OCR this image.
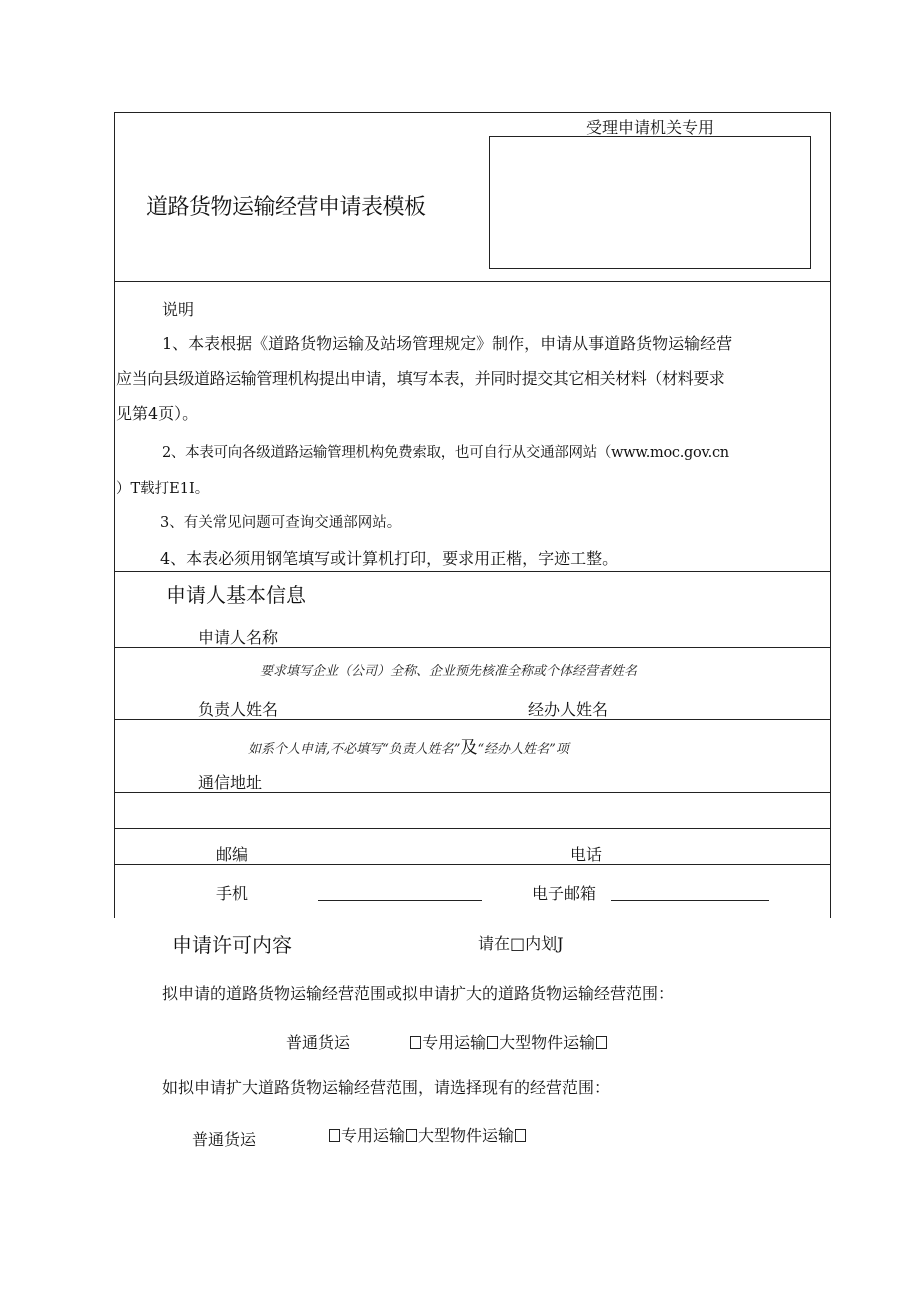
道路货物运输经营申请表模板
受理申请机关专用
说明
1、本表根据《道路货物运输及站场管理规定》制作，申请从事道路货物运输经营
应当向县级道路运输管理机构提出申请，填写本表，并同时提交其它相关材料（材料要求
见第4页）。
2、本表可向各级道路运输管理机构免费索取，也可自行从交通部网站（www.moc.gov.cn
）T载打E1I。
3、有关常见问题可查询交通部网站。
4、本表必须用钢笔填写或计算机打印，要求用正楷，字迹工整。
申请人基本信息
申请人名称
要求填写企业（公司）全称、企业预先核准全称或个体经营者姓名
负责人姓名	经办人姓名
如系个人申请,不必填写“负责人姓名”及“经办人姓名”项
通信地址
邮编	电话
手机	电子邮箱
申请许可内容	请在□内划J
拟申请的道路货物运输经营范围或拟申请扩大的道路货物运输经营范围：
普通货运	专用运输 大型物件运输
如拟申请扩大道路货物运输经营范围，请选择现有的经营范围：
普通货运	专用运输 大型物件运输
